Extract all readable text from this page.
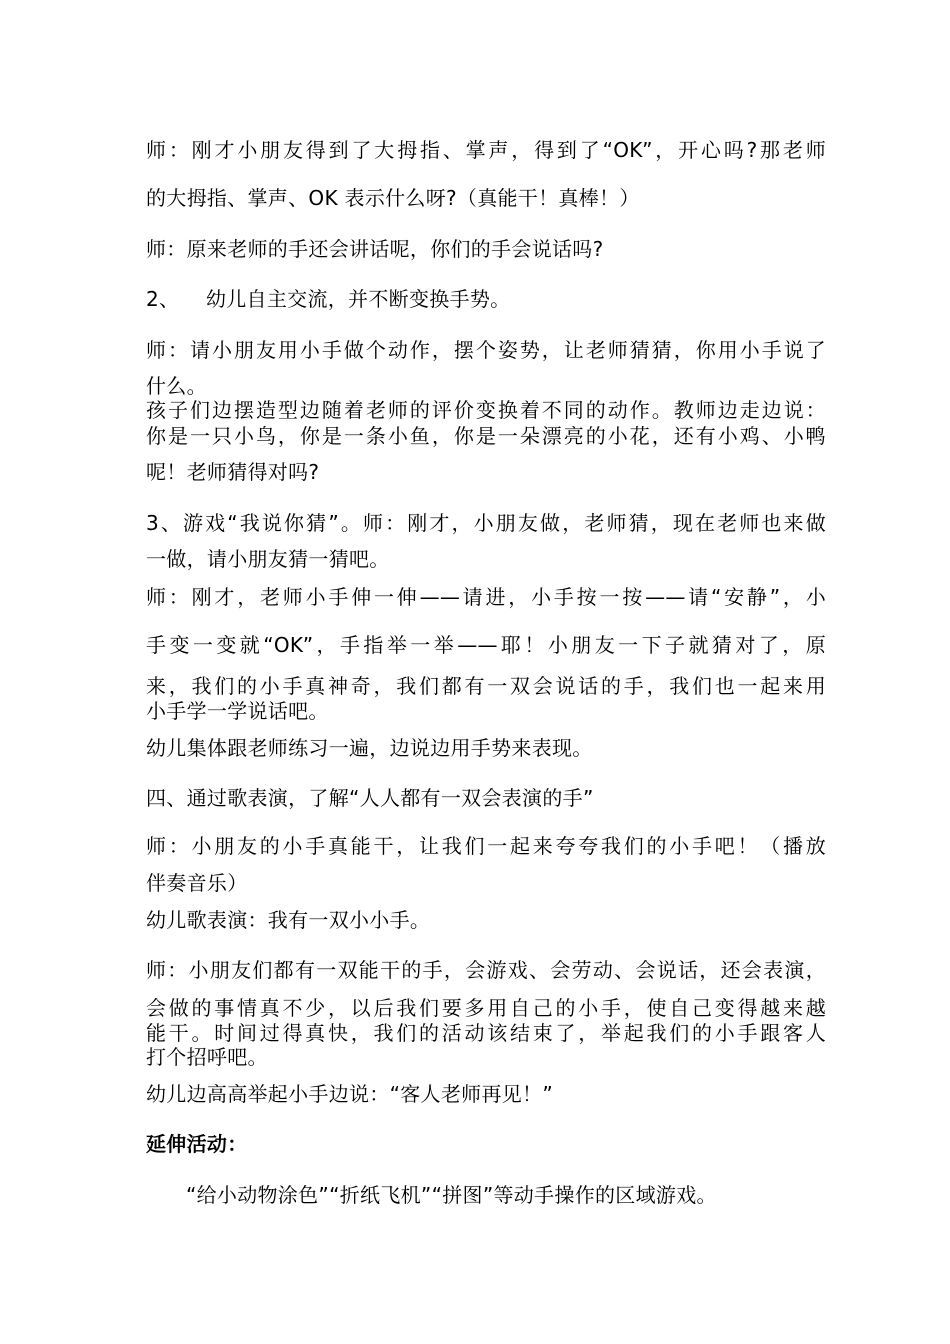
师：刚才小朋友得到了大拇指、掌声，得到了“OK”，开心吗?那老师
的大拇指、掌声、OK 表示什么呀?（真能干！真棒！）
师：原来老师的手还会讲话呢，你们的手会说话吗?
2、    幼儿自主交流，并不断变换手势。
师：请小朋友用小手做个动作，摆个姿势，让老师猜猜，你用小手说了
什么。
孩子们边摆造型边随着老师的评价变换着不同的动作。教师边走边说：
你是一只小鸟，你是一条小鱼，你是一朵漂亮的小花，还有小鸡、小鸭
呢！老师猜得对吗?
3、游戏“我说你猜”。师：刚才，小朋友做，老师猜，现在老师也来做
一做，请小朋友猜一猜吧。
师：刚才，老师小手伸一伸——请进，小手按一按——请“安静”，小
手变一变就“OK”，手指举一举——耶！小朋友一下子就猜对了，原
来，我们的小手真神奇，我们都有一双会说话的手，我们也一起来用
小手学一学说话吧。
幼儿集体跟老师练习一遍，边说边用手势来表现。
四、通过歌表演，了解“人人都有一双会表演的手”
师：小朋友的小手真能干，让我们一起来夸夸我们的小手吧！（播放
伴奏音乐）
幼儿歌表演：我有一双小小手。
师：小朋友们都有一双能干的手，会游戏、会劳动、会说话，还会表演，
会做的事情真不少，以后我们要多用自己的小手，使自己变得越来越
能干。时间过得真快，我们的活动该结束了，举起我们的小手跟客人
打个招呼吧。
幼儿边高高举起小手边说：“客人老师再见！”
延伸活动：
“给小动物涂色”“折纸飞机”“拼图”等动手操作的区域游戏。
